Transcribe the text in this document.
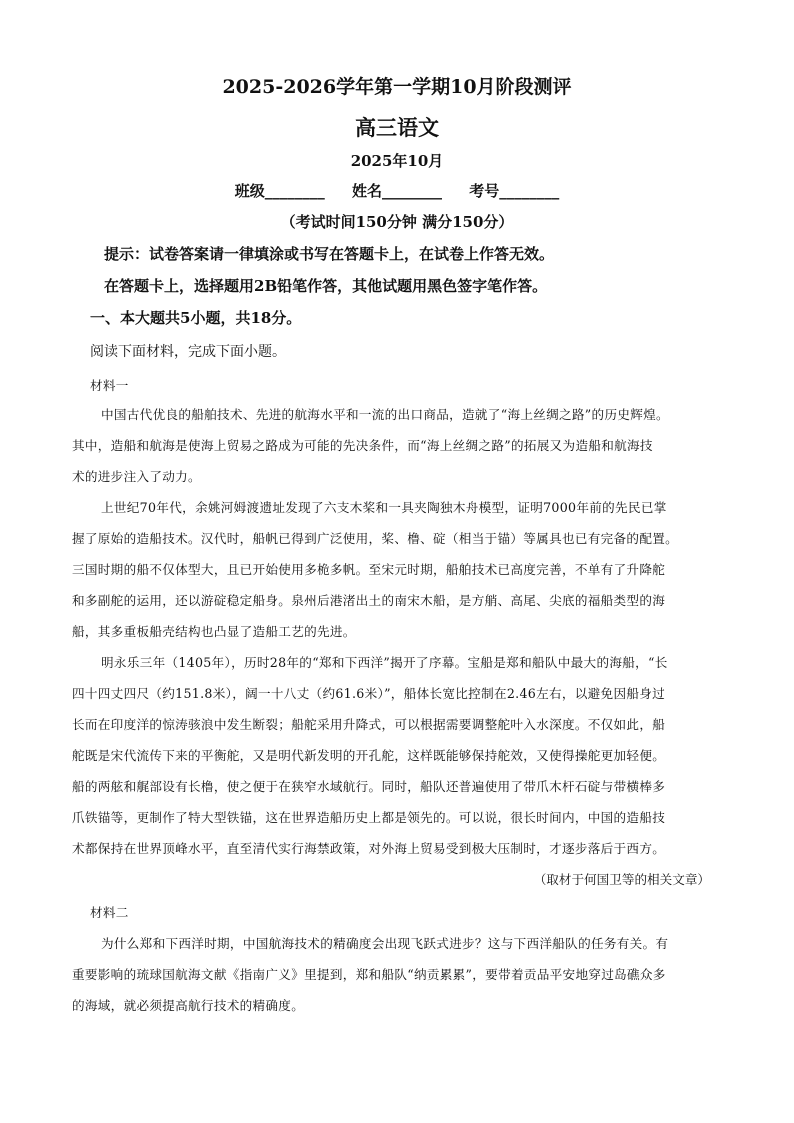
2025-2026学年第一学期10月阶段测评
高三语文
2025年10月
班级________ 姓名________ 考号________
（考试时间150分钟 满分150分）
提示：试卷答案请一律填涂或书写在答题卡上，在试卷上作答无效。
在答题卡上，选择题用2B铅笔作答，其他试题用黑色签字笔作答。
一、本大题共5小题，共18分。
阅读下面材料，完成下面小题。
材料一
中国古代优良的船舶技术、先进的航海水平和一流的出口商品，造就了“海上丝绸之路”的历史辉煌。
其中，造船和航海是使海上贸易之路成为可能的先决条件，而“海上丝绸之路”的拓展又为造船和航海技
术的进步注入了动力。
上世纪70年代，余姚河姆渡遗址发现了六支木桨和一具夹陶独木舟模型，证明7000年前的先民已掌
握了原始的造船技术。汉代时，船帆已得到广泛使用，桨、橹、碇（相当于锚）等属具也已有完备的配置。
三国时期的船不仅体型大，且已开始使用多桅多帆。至宋元时期，船舶技术已高度完善，不单有了升降舵
和多副舵的运用，还以游碇稳定船身。泉州后港渚出土的南宋木船，是方艄、高尾、尖底的福船类型的海
船，其多重板船壳结构也凸显了造船工艺的先进。
明永乐三年（1405年），历时28年的“郑和下西洋”揭开了序幕。宝船是郑和船队中最大的海船，“长
四十四丈四尺（约151.8米），阔一十八丈（约61.6米）”，船体长宽比控制在2.46左右，以避免因船身过
长而在印度洋的惊涛骇浪中发生断裂；船舵采用升降式，可以根据需要调整舵叶入水深度。不仅如此，船
舵既是宋代流传下来的平衡舵，又是明代新发明的开孔舵，这样既能够保持舵效，又使得操舵更加轻便。
船的两舷和艉部设有长橹，使之便于在狭窄水域航行。同时，船队还普遍使用了带爪木杆石碇与带横棒多
爪铁锚等，更制作了特大型铁锚，这在世界造船历史上都是领先的。可以说，很长时间内，中国的造船技
术都保持在世界顶峰水平，直至清代实行海禁政策，对外海上贸易受到极大压制时，才逐步落后于西方。
（取材于何国卫等的相关文章）
材料二
为什么郑和下西洋时期，中国航海技术的精确度会出现飞跃式进步？这与下西洋船队的任务有关。有
重要影响的琉球国航海文献《指南广义》里提到，郑和船队“纳贡累累”，要带着贡品平安地穿过岛礁众多
的海域，就必须提高航行技术的精确度。
